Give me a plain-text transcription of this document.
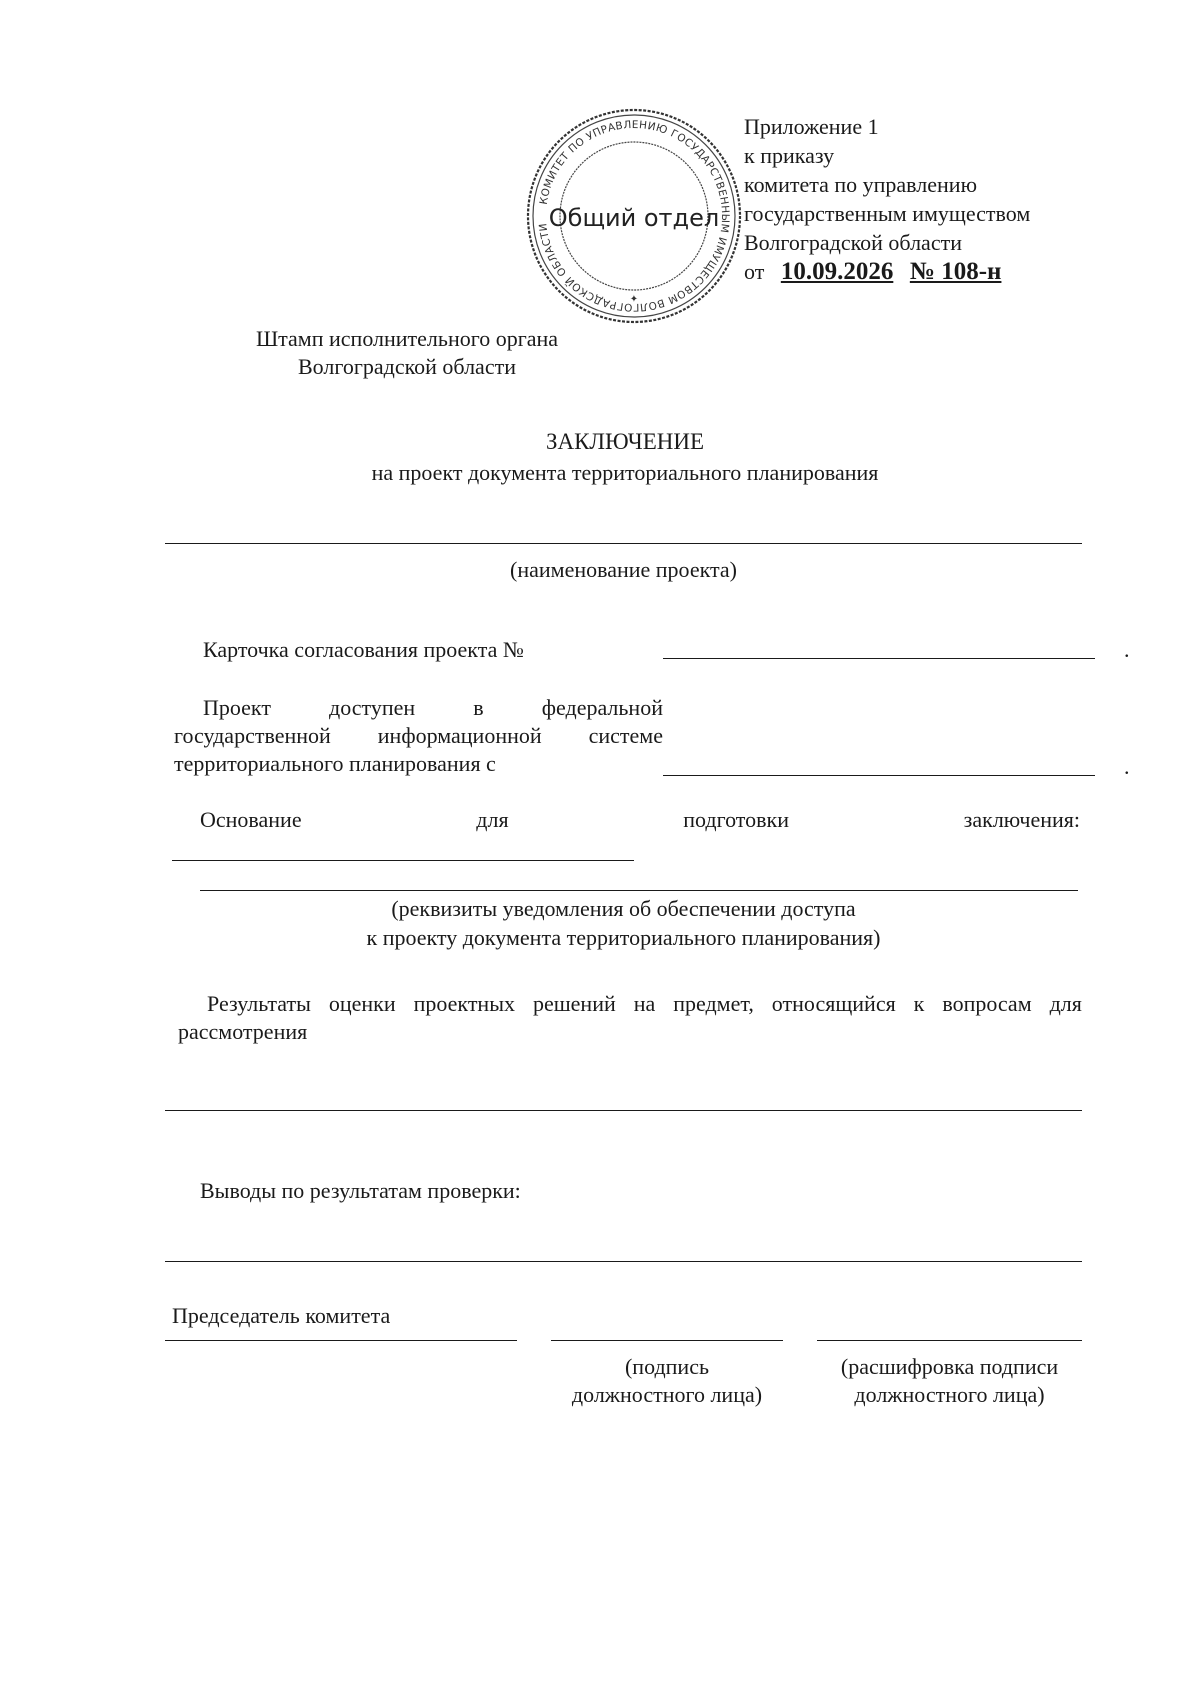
КОМИТЕТ ПО УПРАВЛЕНИЮ ГОСУДАРСТВЕННЫМ ИМУЩЕСТВОМ ВОЛГОГРАДСКОЙ ОБЛАСТИ
Общий отдел
✦
Приложение 1
к приказу
комитета по управлению
государственным имуществом
Волгоградской области
от 10.09.2026 № 108-н
Штамп исполнительного органа
Волгоградской области
ЗАКЛЮЧЕНИЕ
на проект документа территориального планирования
(наименование проекта)
Карточка согласования проекта №	.
Проект	доступен	в	федеральной
государственной информационной системе
территориального планирования с	.
Основание	для	подготовки	заключения:
(реквизиты уведомления об обеспечении доступа
к проекту документа территориального планирования)
Результаты оценки проектных решений на предмет, относящийся к вопросам для
рассмотрения
Выводы по результатам проверки:
Председатель комитета
(подпись
должностного лица)
(расшифровка подписи
должностного лица)
